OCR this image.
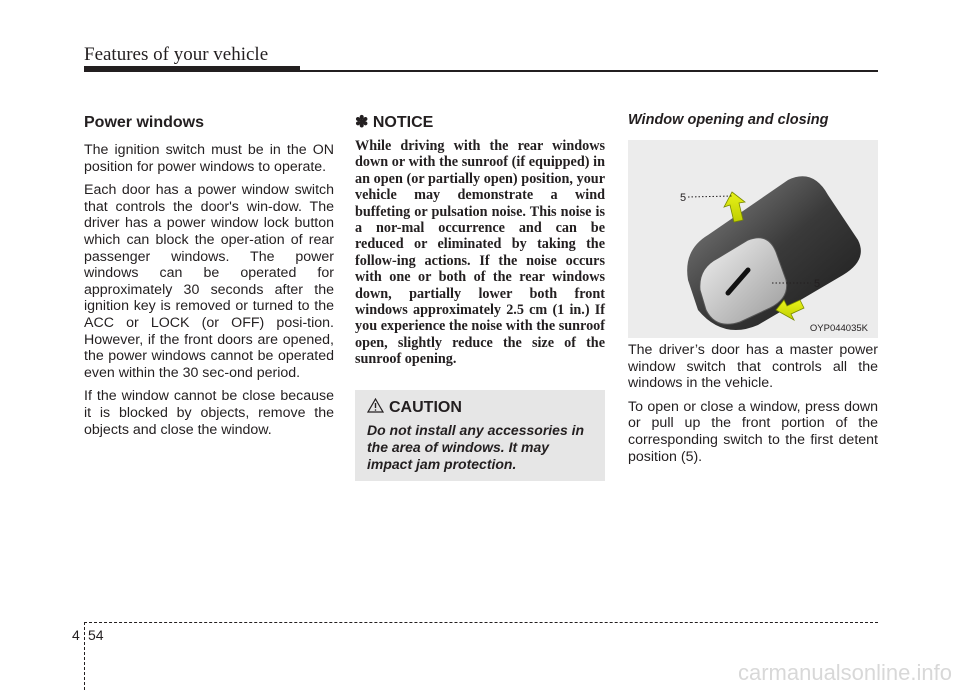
Features of your vehicle
Power windows

The ignition switch must be in the ON position for power windows to operate.

Each door has a power window switch that controls the door's win-dow. The driver has a power window lock button which can block the oper-ation of rear passenger windows. The power windows can be operated for approximately 30 seconds after the ignition key is removed or turned to the ACC or LOCK (or OFF) posi-tion. However, if the front doors are opened, the power windows cannot be operated even within the 30 sec-ond period.

If the window cannot be close because it is blocked by objects, remove the objects and close the window.

✽ NOTICE

While driving with the rear windows down or with the sunroof (if equipped) in an open (or partially open) position, your vehicle may demonstrate a wind buffeting or pulsation noise. This noise is a nor-mal occurrence and can be reduced or eliminated by taking the follow-ing actions. If the noise occurs with one or both of the rear windows down, partially lower both front windows approximately 2.5 cm (1 in.) If you experience the noise with the sunroof open, slightly reduce the size of the sunroof opening.

CAUTION
Do not install any accessories in the area of windows. It may impact jam protection.

Window opening and closing

5
5
OYP044035K

The driver’s door has a master power window switch that controls all the windows in the vehicle.

To open or close a window, press down or pull up the front portion of the corresponding switch to the first detent position (5).

4 54
carmanualsonline.info
